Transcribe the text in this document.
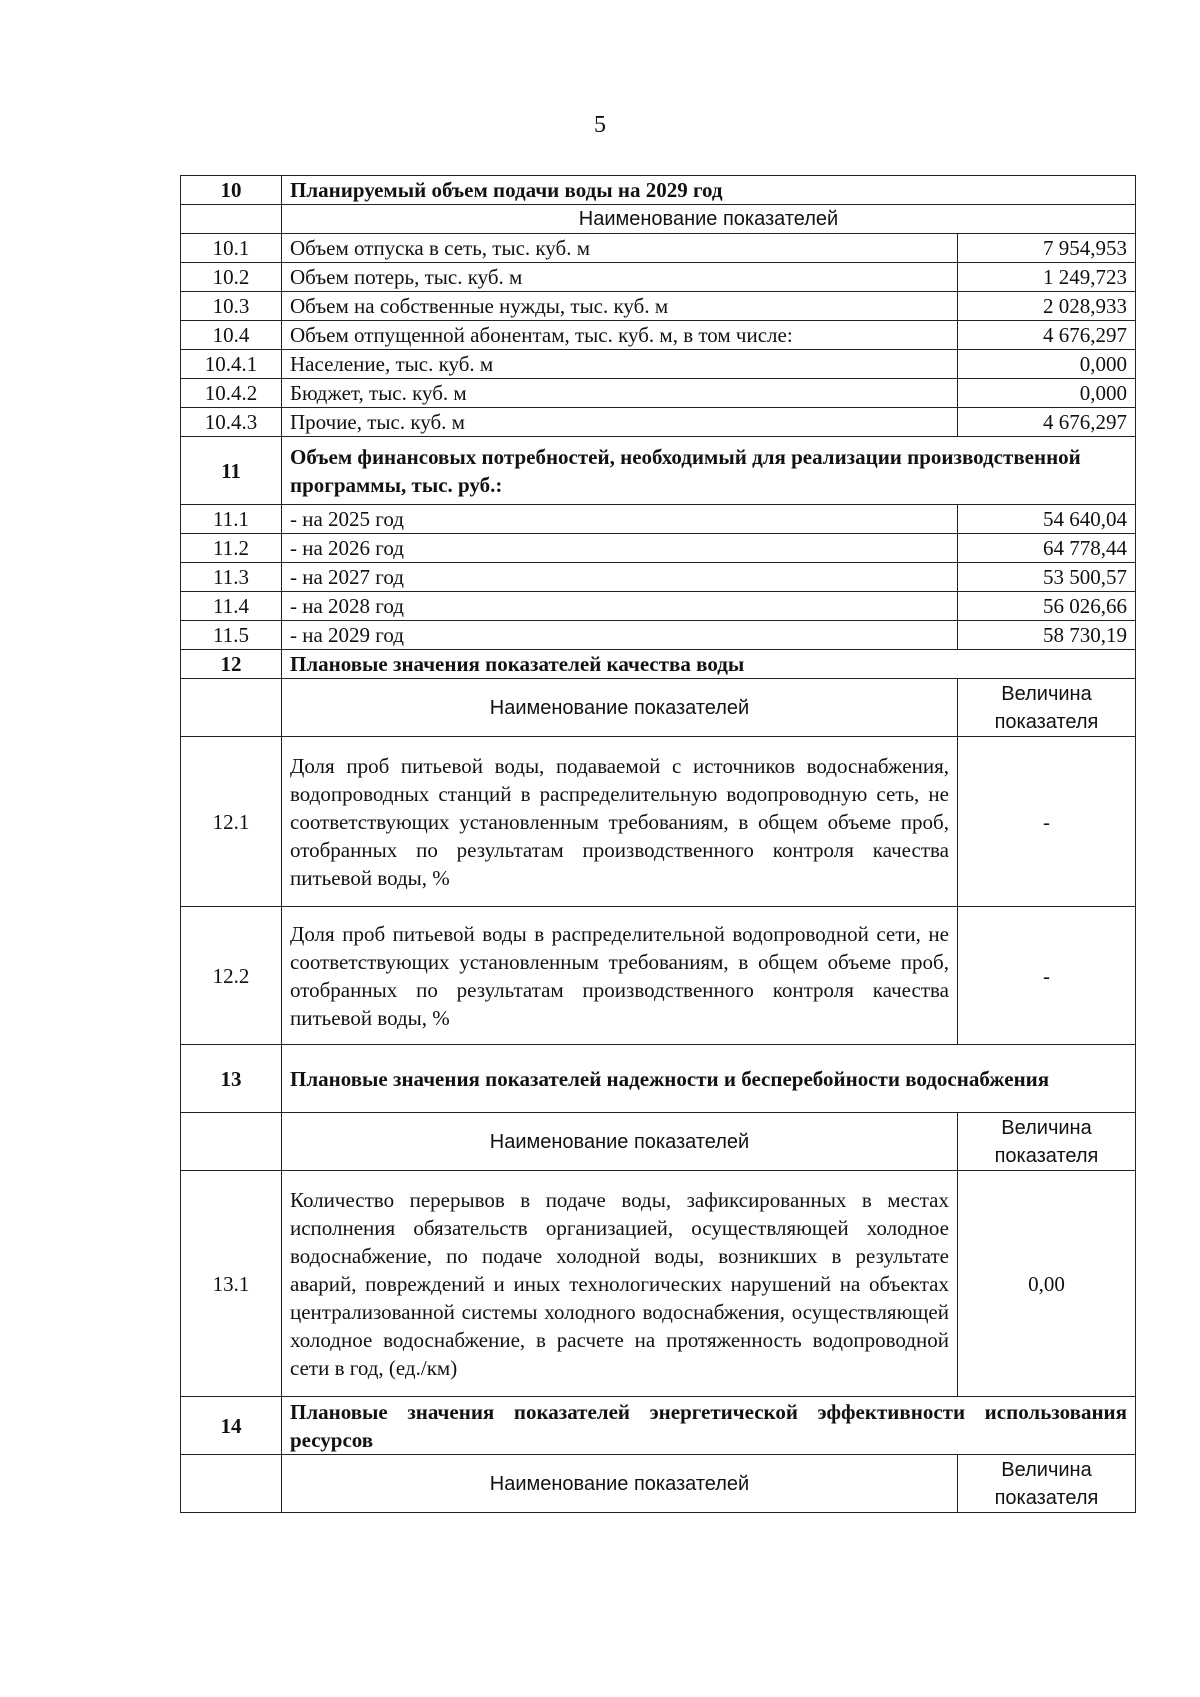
5
10	Планируемый объем подачи воды на 2029 год	
	Наименование показателей	
10.1	Объем отпуска в сеть, тыс. куб. м	7 954,953
10.2	Объем потерь, тыс. куб. м	1 249,723
10.3	Объем на собственные нужды, тыс. куб. м	2 028,933
10.4	Объем отпущенной абонентам, тыс. куб. м, в том числе:	4 676,297
10.4.1	Население, тыс. куб. м	0,000
10.4.2	Бюджет, тыс. куб. м	0,000
10.4.3	Прочие, тыс. куб. м	4 676,297
11	Объем финансовых потребностей, необходимый для реализации производственной программы, тыс. руб.:	
11.1	- на 2025 год	54 640,04
11.2	- на 2026 год	64 778,44
11.3	- на 2027 год	53 500,57
11.4	- на 2028 год	56 026,66
11.5	- на 2029 год	58 730,19
12	Плановые значения показателей качества воды	
	Наименование показателей	Величина показателя
12.1	Доля проб питьевой воды, подаваемой с источников водоснабжения, водопроводных станций в распределительную водопроводную сеть, не соответствующих установленным требованиям, в общем объеме проб, отобранных по результатам производственного контроля качества питьевой воды, %	-
12.2	Доля проб питьевой воды в распределительной водопроводной сети, не соответствующих установленным требованиям, в общем объеме проб, отобранных по результатам производственного контроля качества питьевой воды, %	-
13	Плановые значения показателей надежности и бесперебойности водоснабжения	
	Наименование показателей	Величина показателя
13.1	Количество перерывов в подаче воды, зафиксированных в местах исполнения обязательств организацией, осуществляющей холодное водоснабжение, по подаче холодной воды, возникших в результате аварий, повреждений и иных технологических нарушений на объектах централизованной системы холодного водоснабжения, осуществляющей холодное водоснабжение, в расчете на протяженность водопроводной сети в год, (ед./км)	0,00
14	Плановые значения показателей энергетической эффективности использования ресурсов	
	Наименование показателей	Величина показателя
